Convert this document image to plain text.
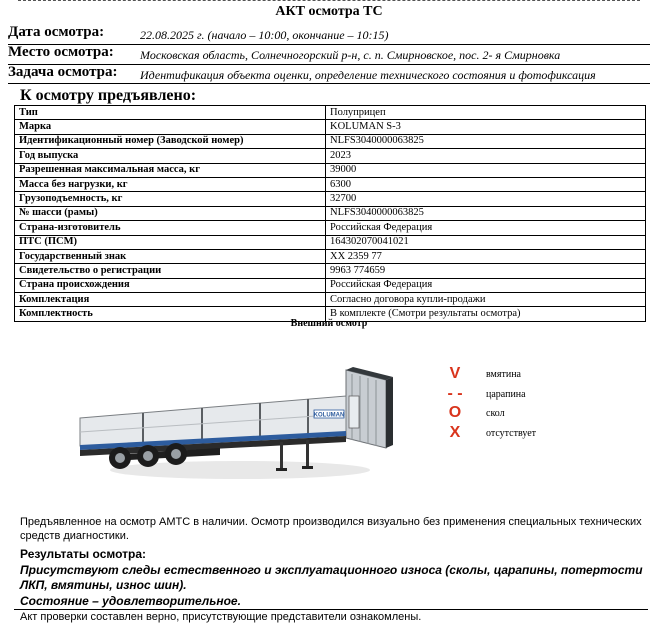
АКТ осмотра ТС
Дата осмотра:	22.08.2025 г. (начало – 10:00, окончание – 10:15)
Место осмотра: Московская область, Солнечногорский р-н, с. п. Смирновское, пос. 2- я Смирновка
Задача осмотра: Идентификация объекта оценки, определение технического состояния и фотофиксация
К осмотру предъявлено:
Тип	Полуприцеп
Марка	KOLUMAN S-3
Идентификационный номер (Заводской номер)	NLFS3040000063825
Год выпуска	2023
Разрешенная максимальная масса, кг	39000
Масса без нагрузки, кг	6300
Грузоподъемность, кг	32700
№ шасси (рамы)	NLFS3040000063825
Страна-изготовитель	Российская Федерация
ПТС (ПСМ)	164302070041021
Государственный знак	ХХ 2359 77
Свидетельство о регистрации	9963 774659
Страна происхождения	Российская Федерация
Комплектация	Согласно договора купли-продажи
Комплектность	В комплекте (Смотри результаты осмотра)
Внешний осмотр
KOLUMAN
V	вмятина
- - царапина
O скол
X	отсутствует
Предъявленное на осмотр АМТС в наличии. Осмотр производился визуально без применения специальных технических средств диагностики.
Результаты осмотра:
Присутствуют следы естественного и эксплуатационного износа (сколы, царапины, потертости ЛКП, вмятины, износ шин).
Состояние – удовлетворительное.
Акт проверки составлен верно, присутствующие представители ознакомлены.
